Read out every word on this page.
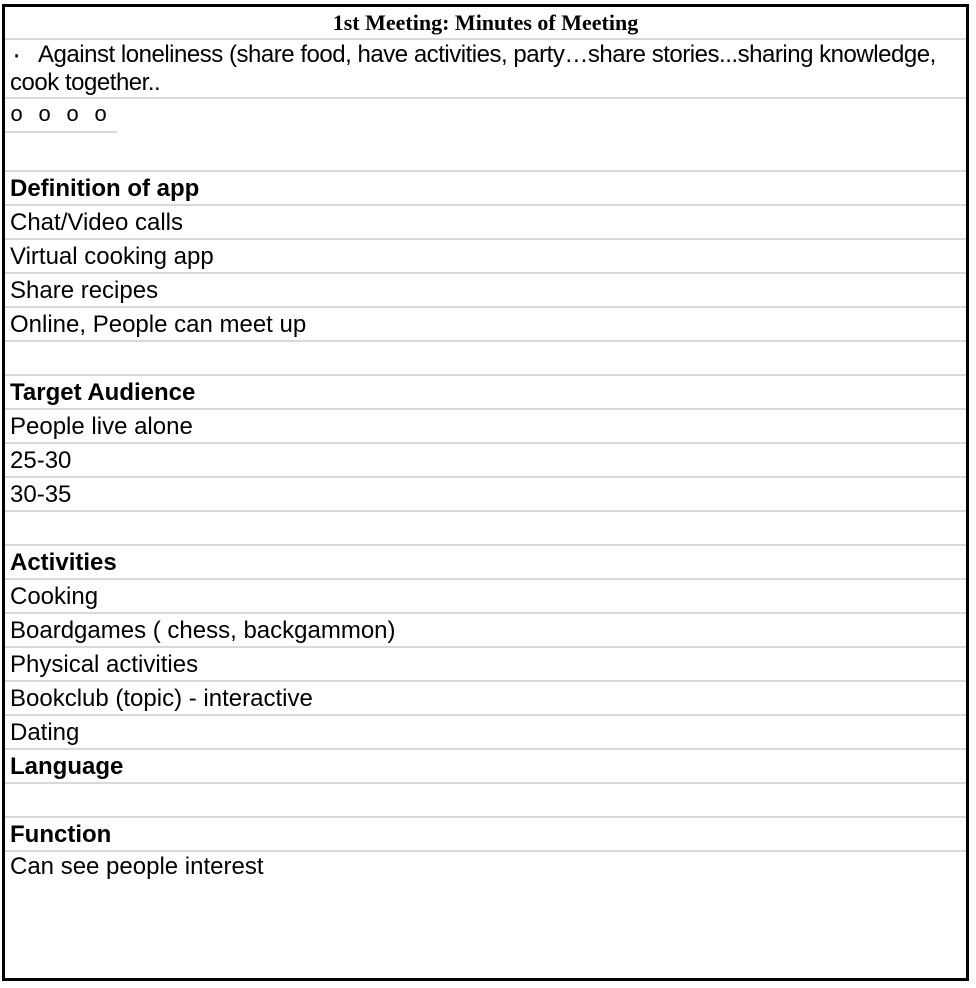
1st Meeting: Minutes of Meeting
· Against loneliness (share food, have activities, party…share stories...sharing knowledge,
cook together..
o o o o
Definition of app
Chat/Video calls
Virtual cooking app
Share recipes
Online, People can meet up
Target Audience
People live alone
25-30
30-35
Activities
Cooking
Boardgames ( chess, backgammon)
Physical activities
Bookclub (topic) - interactive
Dating
Language
Function
Can see people interest
